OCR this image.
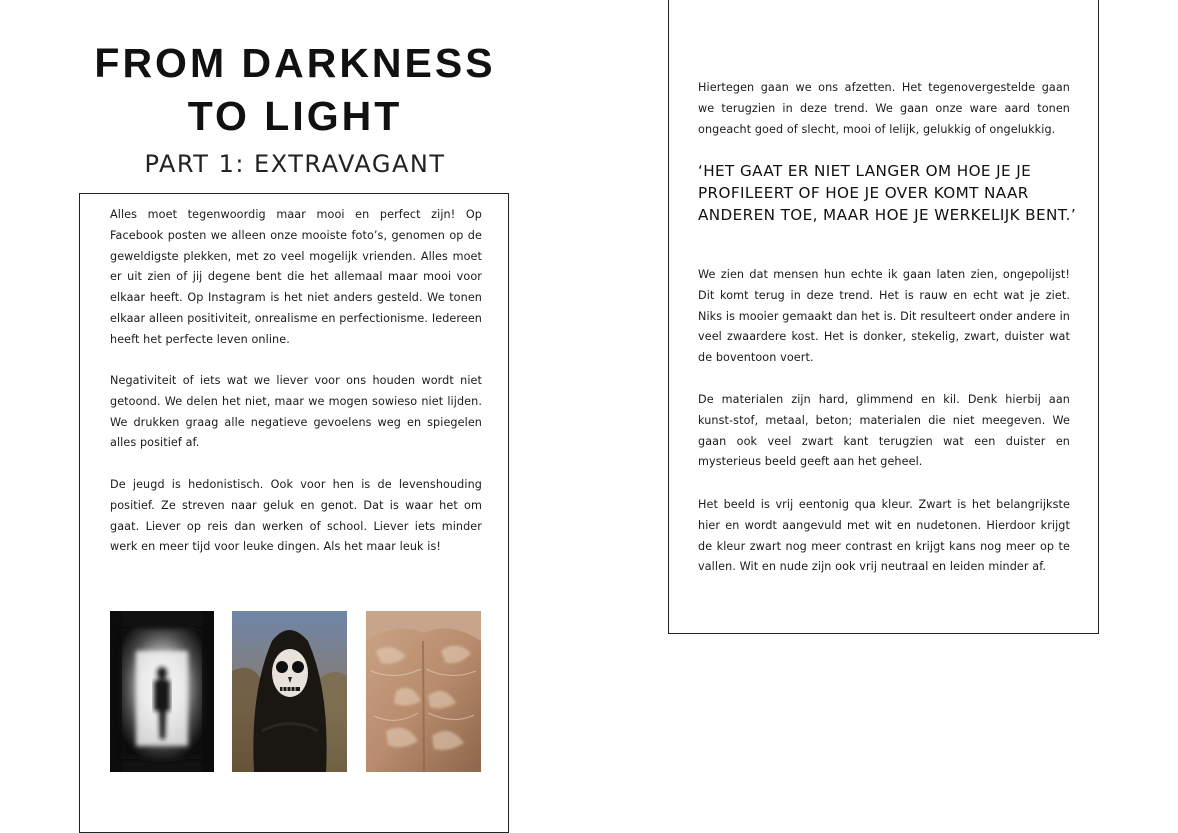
FROM DARKNESS
TO LIGHT
PART 1: EXTRAVAGANT

Alles moet tegenwoordig maar mooi en perfect zijn! Op Facebook posten we alleen onze mooiste foto’s, genomen op de geweldigste plekken, met zo veel mogelijk vrienden. Alles moet er uit zien of jij degene bent die het allemaal maar mooi voor elkaar heeft. Op Instagram is het niet anders gesteld. We tonen elkaar alleen positiviteit, onrealisme en perfectionisme. Iedereen heeft het perfecte leven online.

Negativiteit of iets wat we liever voor ons houden wordt niet getoond. We delen het niet, maar we mogen sowieso niet lijden. We drukken graag alle negatieve gevoelens weg en spiegelen alles positief af.

De jeugd is hedonistisch. Ook voor hen is de levenshouding positief. Ze streven naar geluk en genot. Dat is waar het om gaat. Liever op reis dan werken of school. Liever iets minder werk en meer tijd voor leuke dingen. Als het maar leuk is!

Hiertegen gaan we ons afzetten. Het tegenovergestelde gaan we terugzien in deze trend. We gaan onze ware aard tonen ongeacht goed of slecht, mooi of lelijk, gelukkig of ongelukkig.

‘HET GAAT ER NIET LANGER OM HOE JE JE PROFILEERT OF HOE JE OVER KOMT NAAR ANDEREN TOE, MAAR HOE JE WERKELIJK BENT.’

We zien dat mensen hun echte ik gaan laten zien, ongepolijst! Dit komt terug in deze trend. Het is rauw en echt wat je ziet. Niks is mooier gemaakt dan het is. Dit resulteert onder andere in veel zwaardere kost. Het is donker, stekelig, zwart, duister wat de boventoon voert.

De materialen zijn hard, glimmend en kil. Denk hierbij aan kunst-stof, metaal, beton; materialen die niet meegeven. We gaan ook veel zwart kant terugzien wat een duister en mysterieus beeld geeft aan het geheel.

Het beeld is vrij eentonig qua kleur. Zwart is het belangrijkste hier en wordt aangevuld met wit en nudetonen. Hierdoor krijgt de kleur zwart nog meer contrast en krijgt kans nog meer op te vallen. Wit en nude zijn ook vrij neutraal en leiden minder af.
